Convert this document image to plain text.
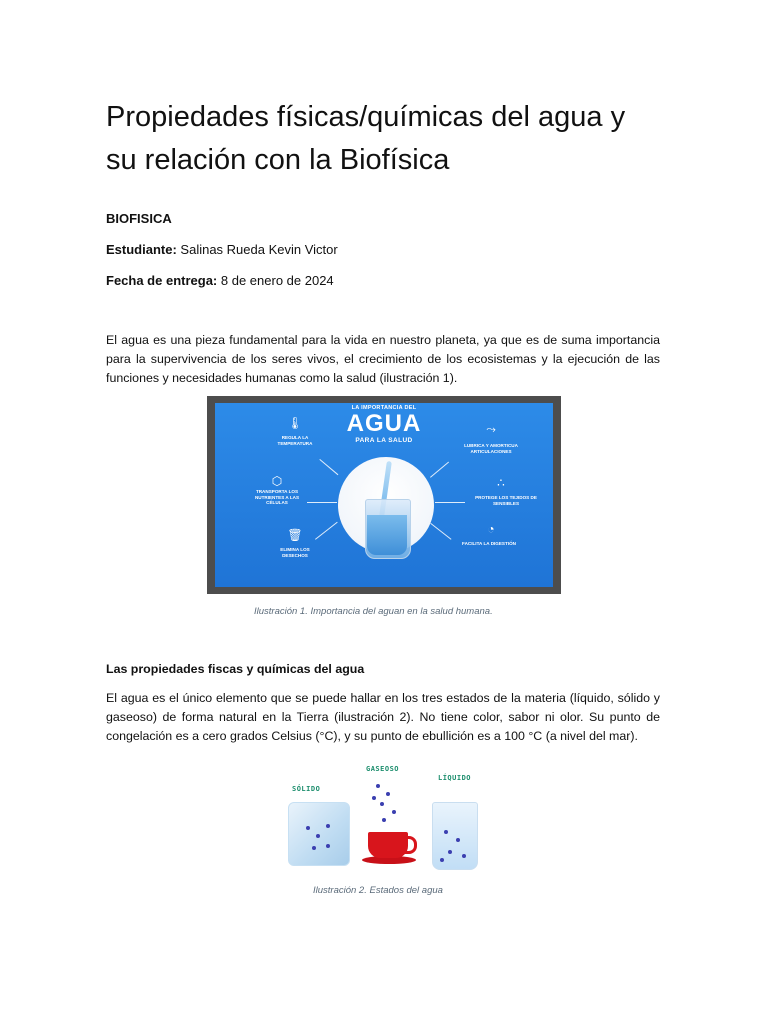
Propiedades físicas/químicas del agua y
su relación con la Biofísica
BIOFISICA
Estudiante: Salinas Rueda Kevin Victor
Fecha de entrega: 8 de enero de 2024

El agua es una pieza fundamental para la vida en nuestro planeta, ya que es de suma importancia para la supervivencia de los seres vivos, el crecimiento de los ecosistemas y la ejecución de las funciones y necesidades humanas como la salud (ilustración 1).

LA IMPORTANCIA DEL
AGUA
PARA LA SALUD
🌡
REGULA LA TEMPERATURA
⬡
TRANSPORTA LOS NUTRIENTES A LAS CÉLULAS
🗑
ELIMINA LOS DESECHOS
⤳
LUBRICA Y AMORTICUA ARTICULACIONES
∴
PROTEGE LOS TEJIDOS DE SENSIBLES
◔
FACILITA LA DIGESTIÓN
Ilustración 1. Importancia del aguan en la salud humana.
Las propiedades fiscas y químicas del agua

El agua es el único elemento que se puede hallar en los tres estados de la materia (líquido, sólido y gaseoso) de forma natural en la Tierra (ilustración 2). No tiene color, sabor ni olor. Su punto de congelación es a cero grados Celsius (°C), y su punto de ebullición es a 100 °C (a nivel del mar).

SÓLIDO
GASEOSO
LÍQUIDO
Ilustración 2. Estados del agua
